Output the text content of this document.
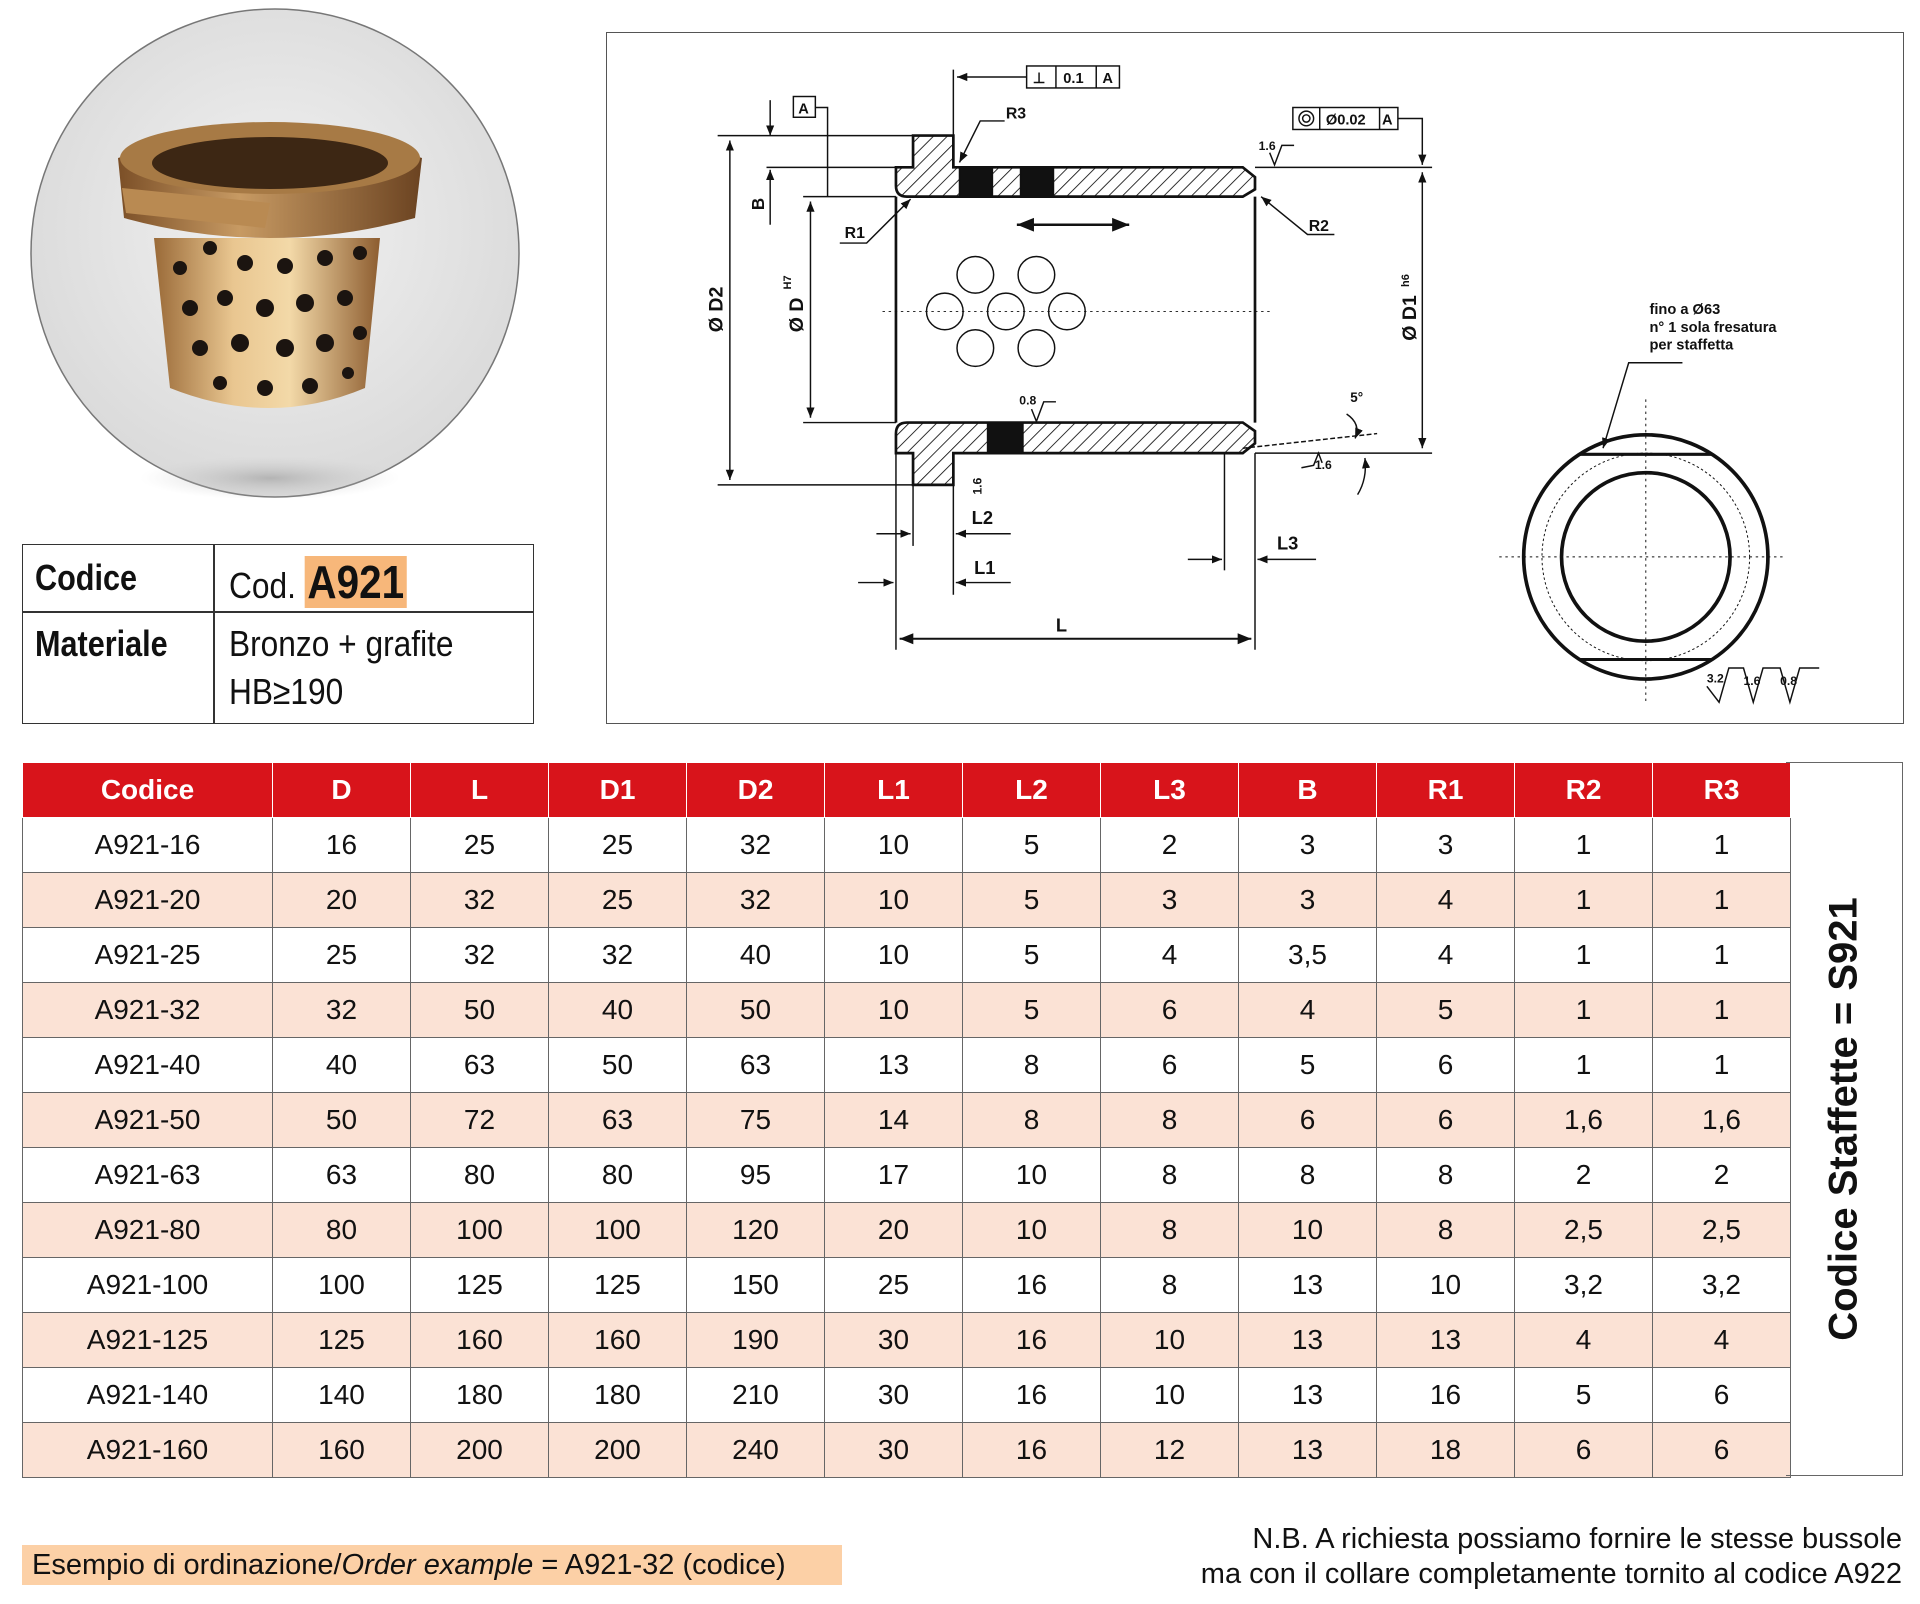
Codice	Cod. A921
Materiale Bronzo + grafite
HB≥190
⊥ 0.1 A
A
Ø0.02 A
R3
R1	R2
B
Ø D2	Ø D
H7
Ø D1
h6
1.6
0.8
1.6
1.6
5°
L2
L1
L3
L
fino a Ø63
n° 1 sola fresatura
per staffetta
3.2 1.6 0.8
Codice	D	L	D1	D2	L1	L2	L3	B	R1	R2	R3
A921-16	16	25	25	32	10	5	2	3	3	1	1
A921-20	20	32	25	32	10	5	3	3	4	1	1
A921-25	25	32	32	40	10	5	4	3,5	4	1	1
A921-32	32	50	40	50	10	5	6	4	5	1	1
A921-40	40	63	50	63	13	8	6	5	6	1	1
A921-50	50	72	63	75	14	8	8	6	6	1,6	1,6
A921-63	63	80	80	95	17	10	8	8	8	2	2
A921-80	80	100	100	120	20	10	8	10	8	2,5	2,5
A921-100	100	125	125	150	25	16	8	13	10	3,2	3,2
A921-125	125	160	160	190	30	16	10	13	13	4	4
A921-140	140	180	180	210	30	16	10	13	16	5	6
A921-160	160	200	200	240	30	16	12	13	18	6	6
Codice Staffette = S921
Esempio di ordinazione/Order example = A921-32 (codice)
N.B. A richiesta possiamo fornire le stesse bussole
ma con il collare completamente tornito al codice A922
